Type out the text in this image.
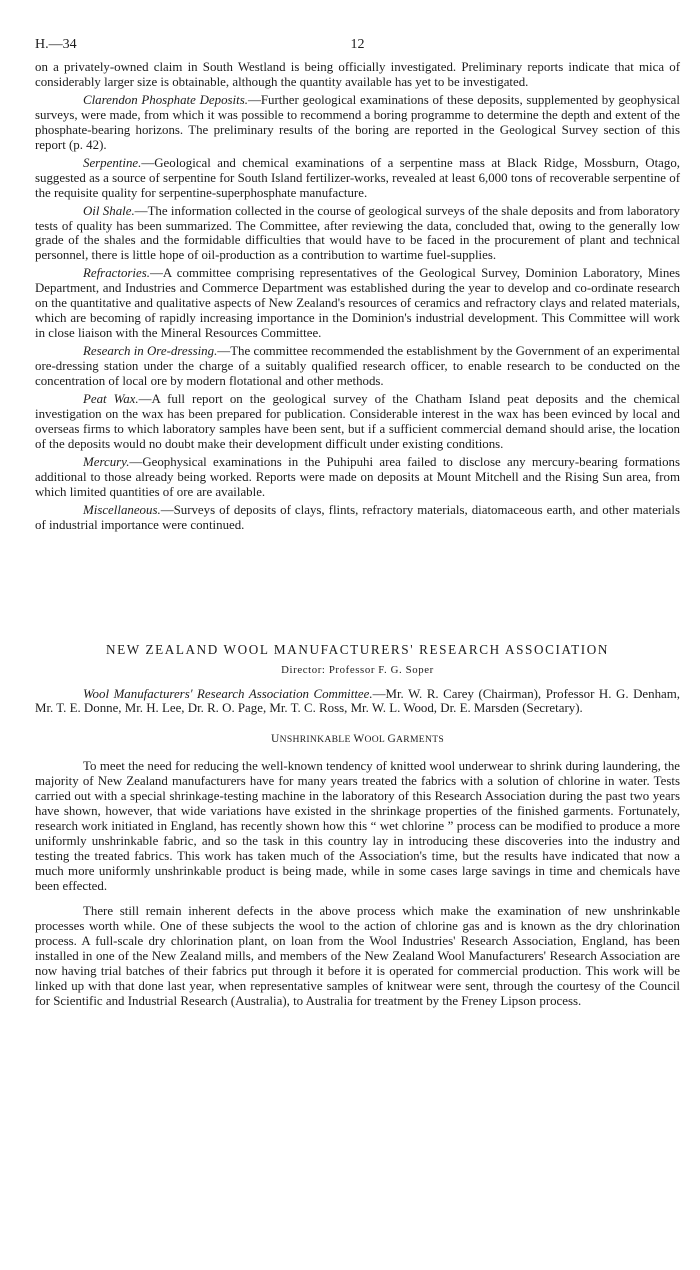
H.—34	12

on a privately-owned claim in South Westland is being officially investigated. Preliminary reports indicate that mica of considerably larger size is obtainable, although the quantity available has yet to be investigated.

Clarendon Phosphate Deposits.—Further geological examinations of these deposits, supplemented by geophysical surveys, were made, from which it was possible to recommend a boring programme to determine the depth and extent of the phosphate-bearing horizons. The preliminary results of the boring are reported in the Geological Survey section of this report (p. 42).

Serpentine.—Geological and chemical examinations of a serpentine mass at Black Ridge, Mossburn, Otago, suggested as a source of serpentine for South Island fertilizer-works, revealed at least 6,000 tons of recoverable serpentine of the requisite quality for serpentine-superphosphate manufacture.

Oil Shale.—The information collected in the course of geological surveys of the shale deposits and from laboratory tests of quality has been summarized. The Committee, after reviewing the data, concluded that, owing to the generally low grade of the shales and the formidable difficulties that would have to be faced in the procurement of plant and technical personnel, there is little hope of oil-production as a contribution to wartime fuel-supplies.

Refractories.—A committee comprising representatives of the Geological Survey, Dominion Laboratory, Mines Department, and Industries and Commerce Department was established during the year to develop and co-ordinate research on the quantitative and qualitative aspects of New Zealand's resources of ceramics and refractory clays and related materials, which are becoming of rapidly increasing importance in the Dominion's industrial development. This Committee will work in close liaison with the Mineral Resources Committee.

Research in Ore-dressing.—The committee recommended the establishment by the Government of an experimental ore-dressing station under the charge of a suitably qualified research officer, to enable research to be conducted on the concentration of local ore by modern flotational and other methods.

Peat Wax.—A full report on the geological survey of the Chatham Island peat deposits and the chemical investigation on the wax has been prepared for publication. Considerable interest in the wax has been evinced by local and overseas firms to which laboratory samples have been sent, but if a sufficient commercial demand should arise, the location of the deposits would no doubt make their development difficult under existing conditions.

Mercury.—Geophysical examinations in the Puhipuhi area failed to disclose any mercury-bearing formations additional to those already being worked. Reports were made on deposits at Mount Mitchell and the Rising Sun area, from which limited quantities of ore are available.

Miscellaneous.—Surveys of deposits of clays, flints, refractory materials, diatomaceous earth, and other materials of industrial importance were continued.

NEW ZEALAND WOOL MANUFACTURERS' RESEARCH ASSOCIATION
Director: Professor F. G. Soper

Wool Manufacturers' Research Association Committee.—Mr. W. R. Carey (Chairman), Professor H. G. Denham, Mr. T. E. Donne, Mr. H. Lee, Dr. R. O. Page, Mr. T. C. Ross, Mr. W. L. Wood, Dr. E. Marsden (Secretary).

UNSHRINKABLE WOOL GARMENTS

To meet the need for reducing the well-known tendency of knitted wool underwear to shrink during laundering, the majority of New Zealand manufacturers have for many years treated the fabrics with a solution of chlorine in water. Tests carried out with a special shrinkage-testing machine in the laboratory of this Research Association during the past two years have shown, however, that wide variations have existed in the shrinkage properties of the finished garments. Fortunately, research work initiated in England, has recently shown how this “ wet chlorine ” process can be modified to produce a more uniformly unshrinkable fabric, and so the task in this country lay in introducing these discoveries into the industry and testing the treated fabrics. This work has taken much of the Association's time, but the results have indicated that now a much more uniformly unshrinkable product is being made, while in some cases large savings in time and chemicals have been effected.

There still remain inherent defects in the above process which make the examination of new unshrinkable processes worth while. One of these subjects the wool to the action of chlorine gas and is known as the dry chlorination process. A full-scale dry chlorination plant, on loan from the Wool Industries' Research Association, England, has been installed in one of the New Zealand mills, and members of the New Zealand Wool Manufacturers' Research Association are now having trial batches of their fabrics put through it before it is operated for commercial production. This work will be linked up with that done last year, when representative samples of knitwear were sent, through the courtesy of the Council for Scientific and Industrial Research (Australia), to Australia for treatment by the Freney Lipson process.
